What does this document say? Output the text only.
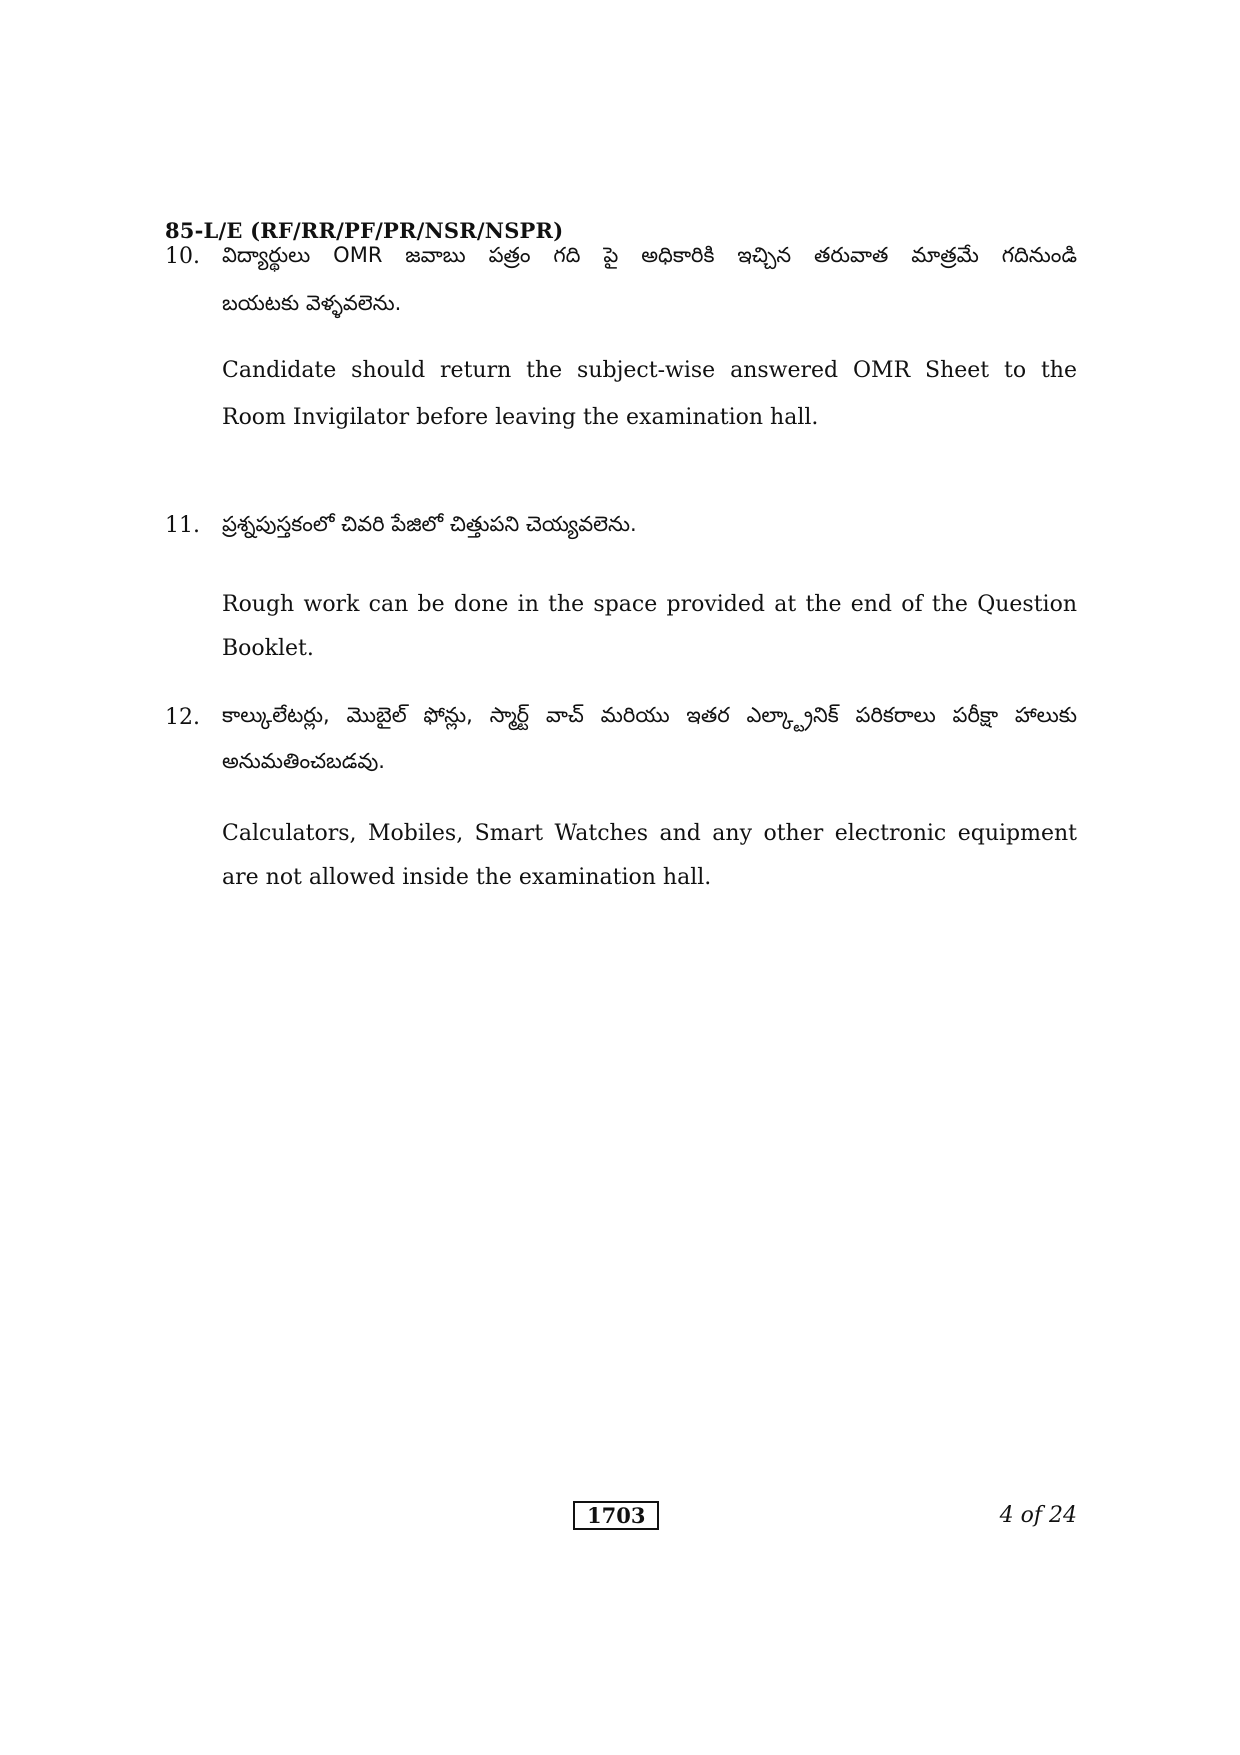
85-L/E (RF/RR/PF/PR/NSR/NSPR)
10. విద్యార్థులు OMR జవాబు పత్రం గది పై అధికారికి ఇచ్చిన తరువాత మాత్రమే గదినుండి
బయటకు వెళ్ళవలెను.
Candidate should return the subject-wise answered OMR Sheet to the
Room Invigilator before leaving the examination hall.
11. ప్రశ్నపుస్తకంలో చివరి పేజిలో చిత్తుపని చెయ్యవలెను.
Rough work can be done in the space provided at the end of the Question
Booklet.
12. కాల్కులేటర్లు, మొబైల్ ఫోన్లు, స్మార్ట్ వాచ్ మరియు ఇతర ఎల్క్ట్రానిక్ పరికరాలు పరీక్షా హాలుకు
అనుమతించబడవు.
Calculators, Mobiles, Smart Watches and any other electronic equipment
are not allowed inside the examination hall.
1703	4 of 24
